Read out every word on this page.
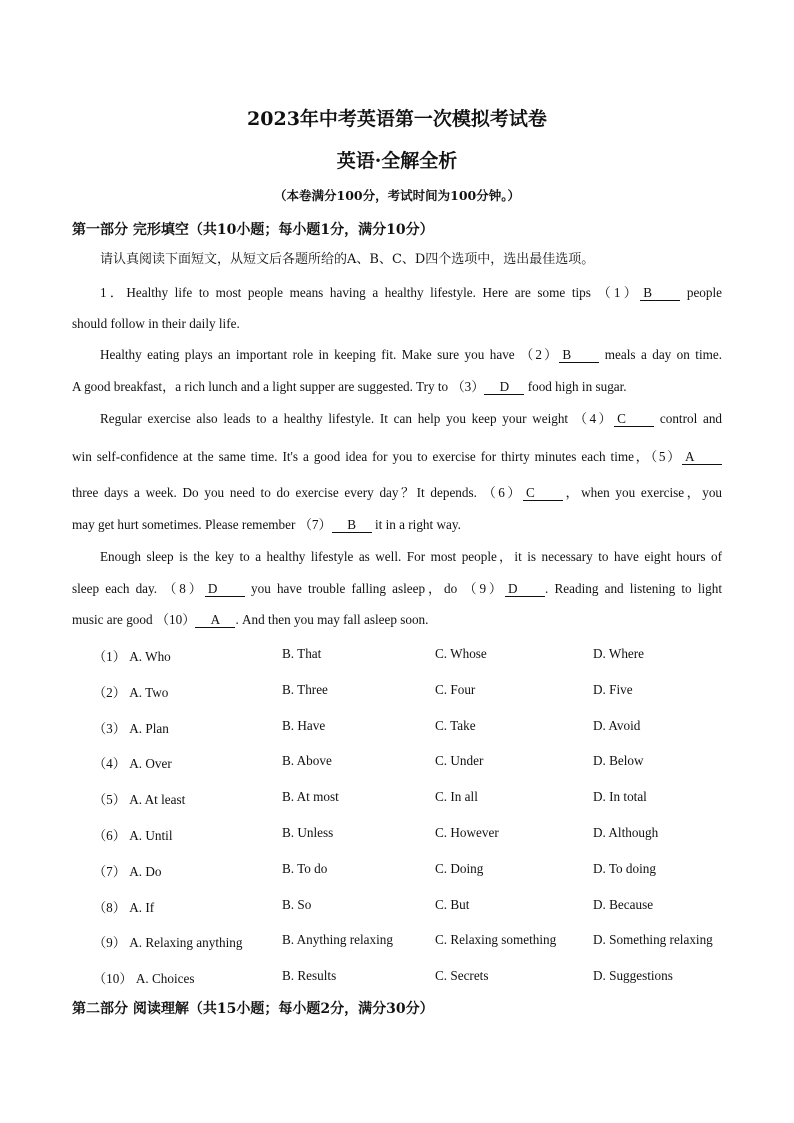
2023年中考英语第一次模拟考试卷
英语·全解全析
（本卷满分100分，考试时间为100分钟。）
第一部分 完形填空（共10小题；每小题1分，满分10分）
请认真阅读下面短文，从短文后各题所给的A、B、C、D四个选项中，选出最佳选项。
1．Healthy life to most people means having a healthy lifestyle. Here are some tips （1） B	people
should follow in their daily life.
Healthy eating plays an important role in keeping fit. Make sure you have （2） B	meals a day on time.
A good breakfast，a rich lunch and a light supper are suggested. Try to （3） D food high in sugar.
Regular exercise also leads to a healthy lifestyle. It can help you keep your weight （4） C	control and
win self-confidence at the same time. It's a good idea for you to exercise for thirty minutes each time，（5） A
three days a week. Do you need to do exercise every day？It depends. （6） C ，when you exercise，you
may get hurt sometimes. Please remember （7） B it in a right way.
Enough sleep is the key to a healthy lifestyle as well. For most people，it is necessary to have eight hours of
sleep each day. （8） D	you have trouble falling asleep，do （9） D . Reading and listening to light
music are good （10） A . And then you may fall asleep soon.
（1） A. Who	B. That	C. Whose	D. Where
（2） A. Two	B. Three	C. Four	D. Five
（3） A. Plan	B. Have	C. Take	D. Avoid
（4） A. Over	B. Above	C. Under	D. Below
（5） A. At least	B. At most	C. In all	D. In total
（6） A. Until	B. Unless	C. However	D. Although
（7） A. Do	B. To do	C. Doing	D. To doing
（8） A. If	B. So	C. But	D. Because
（9） A. Relaxing anything	B. Anything relaxing	C. Relaxing something	D. Something relaxing
（10） A. Choices	B. Results	C. Secrets	D. Suggestions
第二部分 阅读理解（共15小题；每小题2分，满分30分）
